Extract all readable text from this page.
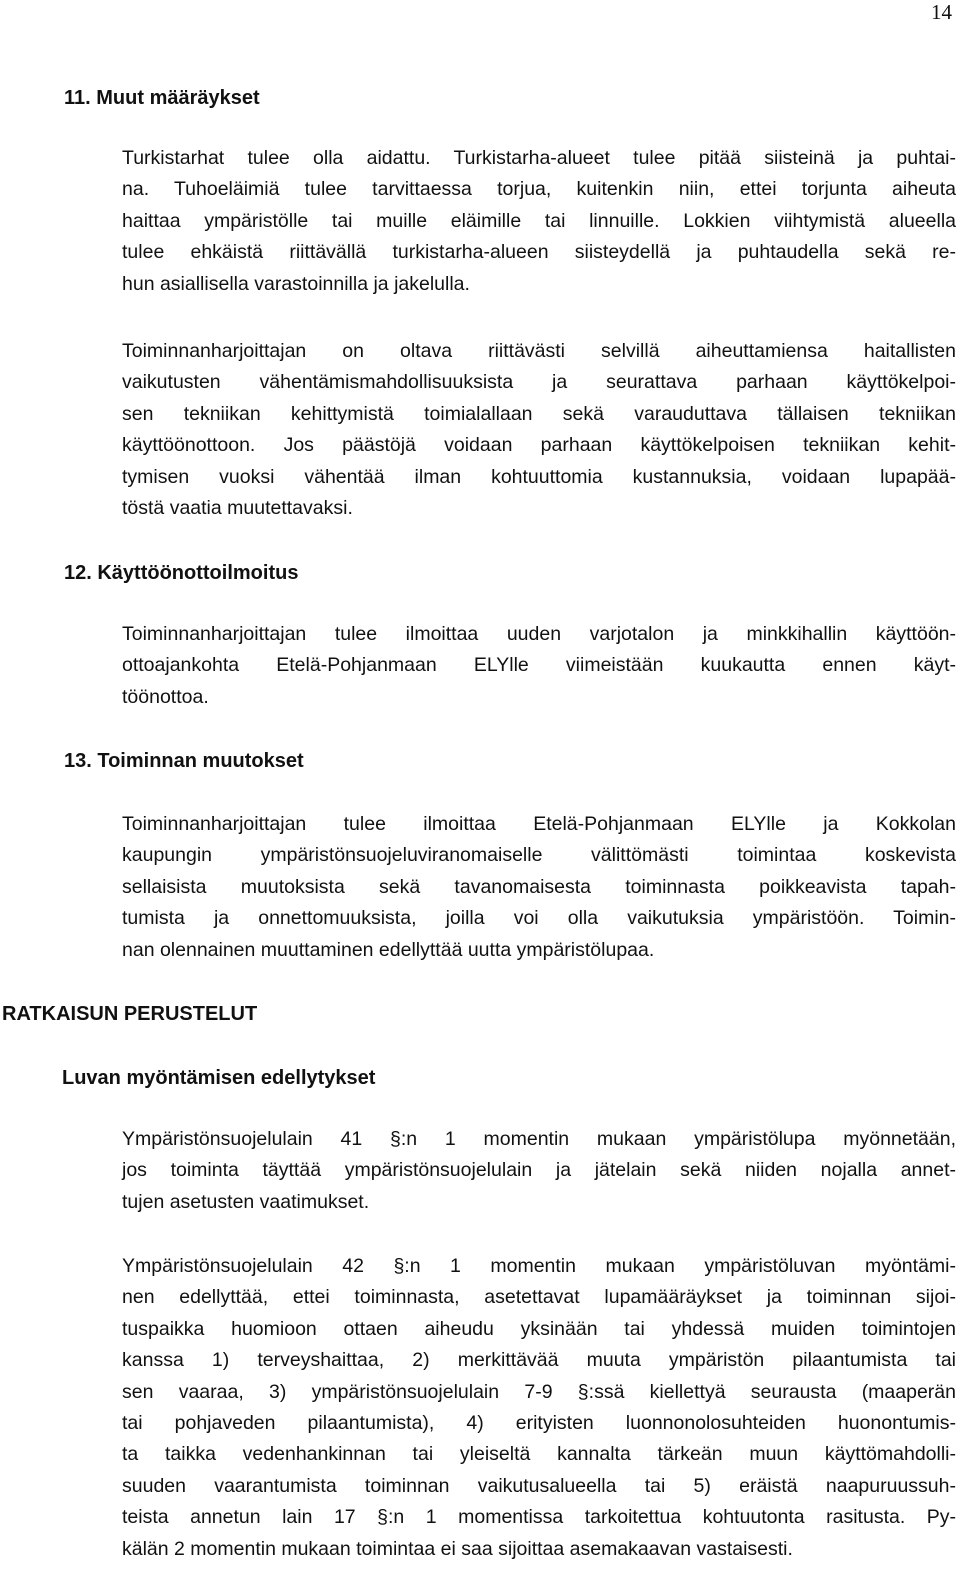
14
11. Muut määräykset
Turkistarhat tulee olla aidattu. Turkistarha-alueet tulee pitää siisteinä ja puhtai-
na. Tuhoeläimiä tulee tarvittaessa torjua, kuitenkin niin, ettei torjunta aiheuta
haittaa ympäristölle tai muille eläimille tai linnuille. Lokkien viihtymistä alueella
tulee ehkäistä riittävällä turkistarha-alueen siisteydellä ja puhtaudella sekä re-
hun asiallisella varastoinnilla ja jakelulla.
Toiminnanharjoittajan on oltava riittävästi selvillä aiheuttamiensa haitallisten
vaikutusten vähentämismahdollisuuksista ja seurattava parhaan käyttökelpoi-
sen tekniikan kehittymistä toimialallaan sekä varauduttava tällaisen tekniikan
käyttöönottoon. Jos päästöjä voidaan parhaan käyttökelpoisen tekniikan kehit-
tymisen vuoksi vähentää ilman kohtuuttomia kustannuksia, voidaan lupapää-
töstä vaatia muutettavaksi.
12. Käyttöönottoilmoitus
Toiminnanharjoittajan tulee ilmoittaa uuden varjotalon ja minkkihallin käyttöön-
ottoajankohta Etelä-Pohjanmaan ELYlle viimeistään kuukautta ennen käyt-
töönottoa.
13. Toiminnan muutokset
Toiminnanharjoittajan tulee ilmoittaa Etelä-Pohjanmaan ELYlle ja Kokkolan
kaupungin ympäristönsuojeluviranomaiselle välittömästi toimintaa koskevista
sellaisista muutoksista sekä tavanomaisesta toiminnasta poikkeavista tapah-
tumista ja onnettomuuksista, joilla voi olla vaikutuksia ympäristöön. Toimin-
nan olennainen muuttaminen edellyttää uutta ympäristölupaa.
RATKAISUN PERUSTELUT
Luvan myöntämisen edellytykset
Ympäristönsuojelulain 41 §:n 1 momentin mukaan ympäristölupa myönnetään,
jos toiminta täyttää ympäristönsuojelulain ja jätelain sekä niiden nojalla annet-
tujen asetusten vaatimukset.
Ympäristönsuojelulain 42 §:n 1 momentin mukaan ympäristöluvan myöntämi-
nen edellyttää, ettei toiminnasta, asetettavat lupamääräykset ja toiminnan sijoi-
tuspaikka huomioon ottaen aiheudu yksinään tai yhdessä muiden toimintojen
kanssa 1) terveyshaittaa, 2) merkittävää muuta ympäristön pilaantumista tai
sen vaaraa, 3) ympäristönsuojelulain 7-9 §:ssä kiellettyä seurausta (maaperän
tai pohjaveden pilaantumista), 4) erityisten luonnonolosuhteiden huonontumis-
ta taikka vedenhankinnan tai yleiseltä kannalta tärkeän muun käyttömahdolli-
suuden vaarantumista toiminnan vaikutusalueella tai 5) eräistä naapuruussuh-
teista annetun lain 17 §:n 1 momentissa tarkoitettua kohtuutonta rasitusta. Py-
kälän 2 momentin mukaan toimintaa ei saa sijoittaa asemakaavan vastaisesti.
